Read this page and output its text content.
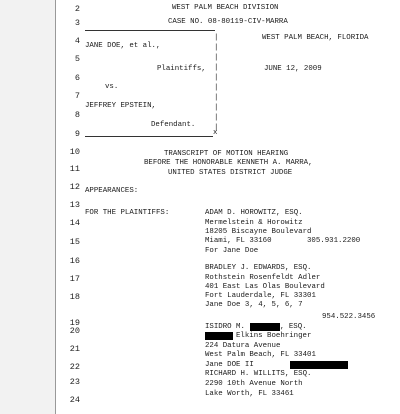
2
3
4
5
6
7
8
9
10
11
12
13
14
15
16
17
18
19
20
21
22
23
24
WEST PALM BEACH DIVISION
CASE NO. 08-80119-CIV-MARRA
|
|
|
|
|
|
|
|
|
|
x
JANE DOE, et al.,
WEST PALM BEACH, FLORIDA
Plaintiffs,	JUNE 12, 2009
vs.
JEFFREY EPSTEIN,
Defendant.
TRANSCRIPT OF MOTION HEARING
BEFORE THE HONORABLE KENNETH A. MARRA,
UNITED STATES DISTRICT JUDGE
APPEARANCES:
FOR THE PLAINTIFFS:	ADAM D. HOROWITZ, ESQ.
Mermelstein & Horowitz
18205 Biscayne Boulevard
Miami, FL 33160	305.931.2200
For Jane Doe
BRADLEY J. EDWARDS, ESQ.
Rothstein Rosenfeldt Adler
401 East Las Olas Boulevard
Fort Lauderdale, FL 33301
Jane Doe 3, 4, 5, 6, 7
954.522.3456
ISIDRO M.	, ESQ.
Elkins Boehringer
224 Datura Avenue
West Palm Beach, FL 33401
Jane DOE II
RICHARD H. WILLITS, ESQ.
2290 10th Avenue North
Lake Worth, FL 33461
